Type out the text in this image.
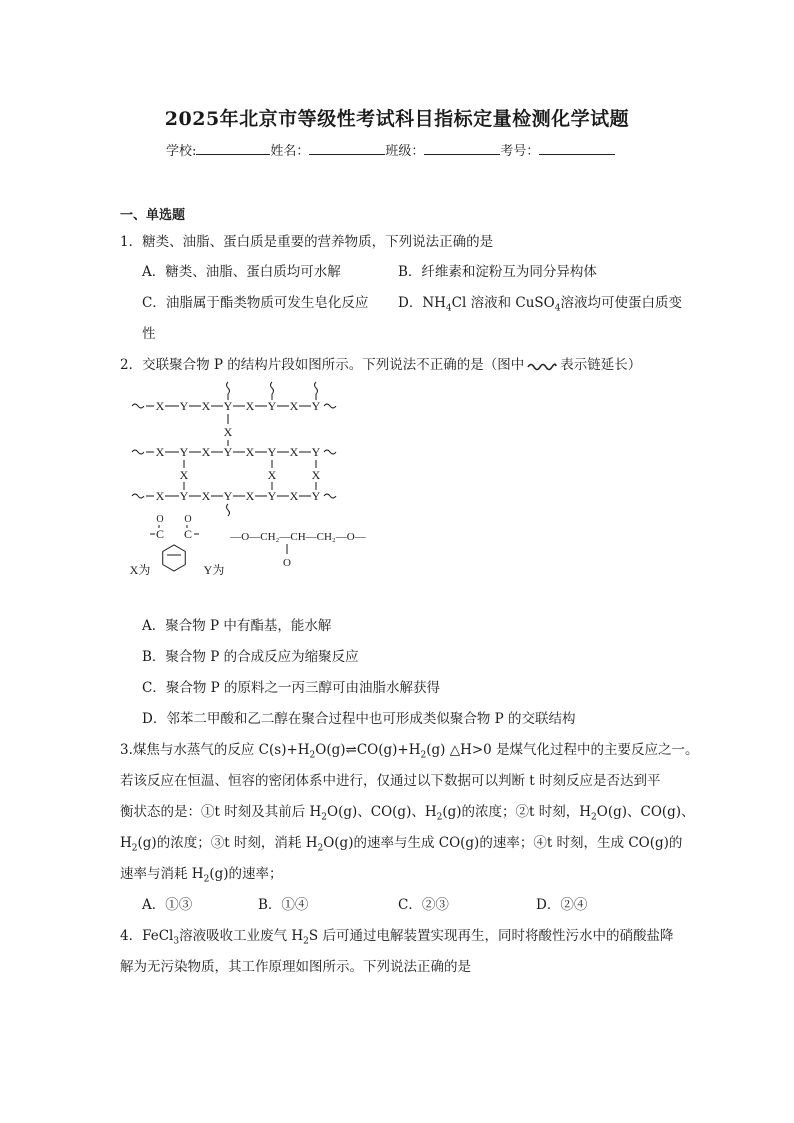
2025年北京市等级性考试科目指标定量检测化学试题
学校:	姓名：	班级：	考号：
一、单选题
1．糖类、油脂、蛋白质是重要的营养物质，下列说法正确的是
A．糖类、油脂、蛋白质均可水解	B．纤维素和淀粉互为同分异构体
C．油脂属于酯类物质可发生皂化反应 D．$NH_4Cl$ 溶液和 CuSO$_4$溶液均可使蛋白质变
性
2．交联聚合物 P 的结构片段如图所示。下列说法不正确的是（图中	表示链延长）
X Y X Y X Y X Y
X Y X Y X Y X Y
X Y X Y X Y X Y
X
X	X
X
C C
O O
X为	Y为
—O—CH₂—CH—CH₂—O—
O
A．聚合物 P 中有酯基，能水解
B．聚合物 P 的合成反应为缩聚反应
C．聚合物 P 的原料之一丙三醇可由油脂水解获得
D．邻苯二甲酸和乙二醇在聚合过程中也可形成类似聚合物 P 的交联结构
3.煤焦与水蒸气的反应 $C(s)+H_2O(g)\rightleftharpoons CO(g)+H_2(g)$ △H>0 是煤气化过程中的主要反应之一。
若该反应在恒温、恒容的密闭体系中进行，仅通过以下数据可以判断 t 时刻反应是否达到平
衡状态的是：①t 时刻及其前后 $H_2O(g)$、CO(g)、$H_2(g)$的浓度；②t 时刻，$H_2O(g)$、CO(g)、
$H_2(g)$的浓度；③t 时刻，消耗 $H_2O(g)$的速率与生成 CO(g)的速率；④t 时刻，生成 CO(g)的
速率与消耗 $H_2(g)$的速率；
A．①③	B．①④	C．②③	D．②④
4．FeCl$_3$溶液吸收工业废气 $H_2S$ 后可通过电解装置实现再生，同时将酸性污水中的硝酸盐降
解为无污染物质，其工作原理如图所示。下列说法正确的是
